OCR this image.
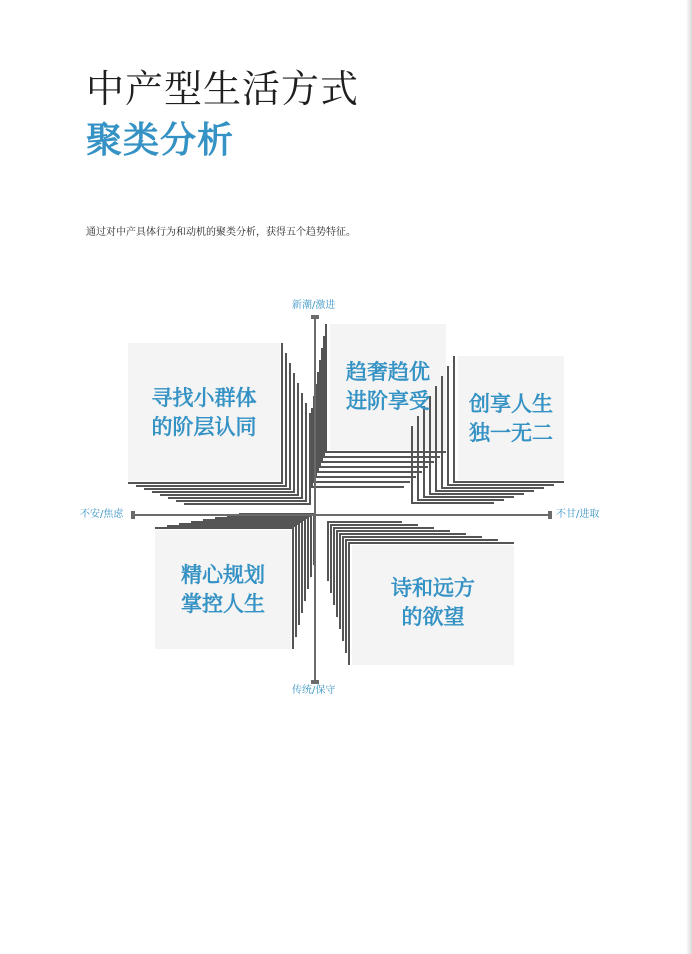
中产型生活方式
聚类分析
通过对中产具体行为和动机的聚类分析，获得五个趋势特征。
新潮/激进
传统/保守
不安/焦虑	不甘/进取
寻找小群体
的阶层认同
趋奢趋优
进阶享受	创享人生
独一无二
精心规划
掌控人生
诗和远方
的欲望
